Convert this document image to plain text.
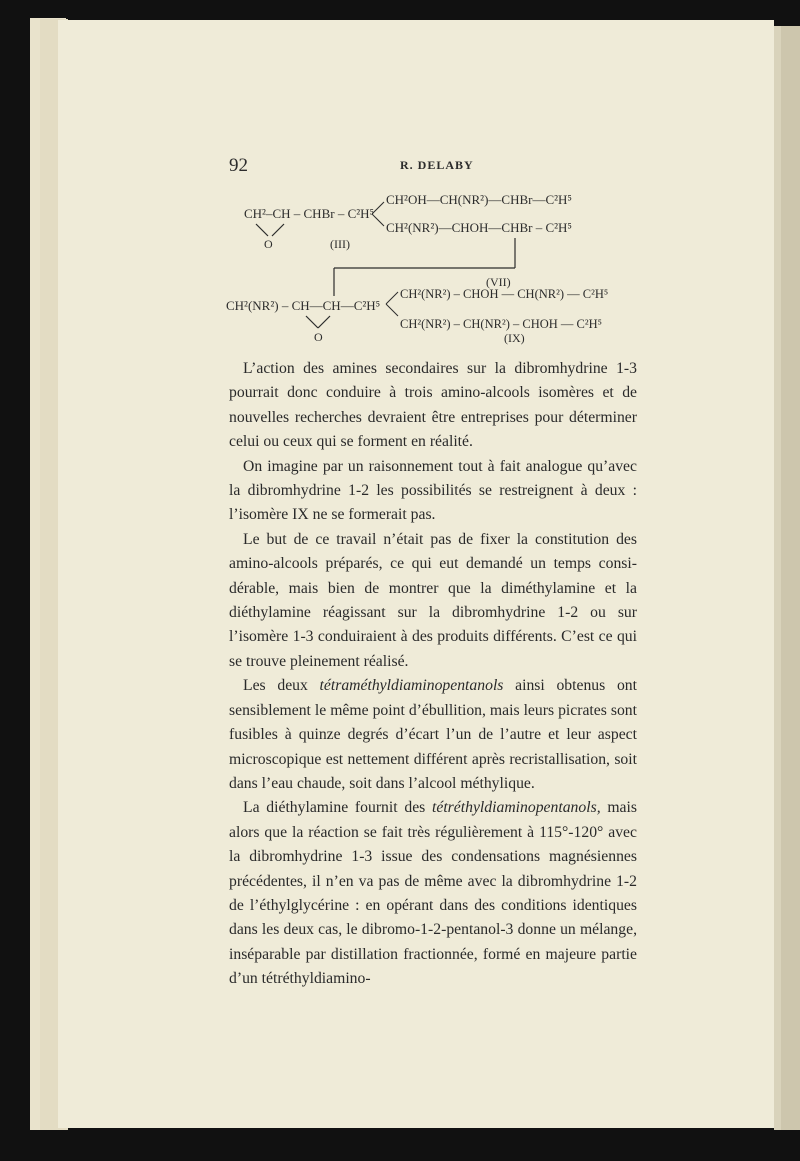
92	R. DELABY
CH²–CH – CHBr – C²H⁵
O	(III)
CH²OH—CH(NR²)—CHBr—C²H⁵
CH²(NR²)—CHOH—CHBr – C²H⁵
(VII)
CH²(NR²) – CH—CH—C²H⁵
O
CH²(NR²) – CHOH — CH(NR²) — C²H⁵
CH²(NR²) – CH(NR²) – CHOH — C²H⁵
(IX)

L’action des amines secondaires sur la dibromhydrine 1-3 pourrait donc conduire à trois amino-alcools isomères et de nouvelles recherches devraient être entreprises pour déterminer celui ou ceux qui se forment en réalité.

On imagine par un raisonnement tout à fait analogue qu’avec la dibromhydrine 1-2 les possibilités se restreignent à deux : l’isomère IX ne se formerait pas.

Le but de ce travail n’était pas de fixer la constitution des amino-alcools préparés, ce qui eut demandé un temps considérable, mais bien de montrer que la diméthylamine et la diéthylamine réagissant sur la dibromhydrine 1-2 ou sur l’isomère 1-3 conduiraient à des produits différents. C’est ce qui se trouve pleinement réalisé.

Les deux tétraméthyldiaminopentanols ainsi obtenus ont sensiblement le même point d’ébullition, mais leurs picrates sont fusibles à quinze degrés d’écart l’un de l’autre et leur aspect microscopique est nettement différent après recristallisation, soit dans l’eau chaude, soit dans l’alcool méthylique.

La diéthylamine fournit des tétréthyldiaminopentanols, mais alors que la réaction se fait très régulièrement à 115°-120° avec la dibromhydrine 1-3 issue des condensations magnésiennes précédentes, il n’en va pas de même avec la dibromhydrine 1-2 de l’éthylglycérine : en opérant dans des conditions identiques dans les deux cas, le dibromo-1-2-pentanol-3 donne un mélange, inséparable par distillation fractionnée, formé en majeure partie d’un tétréthyldiamino-
